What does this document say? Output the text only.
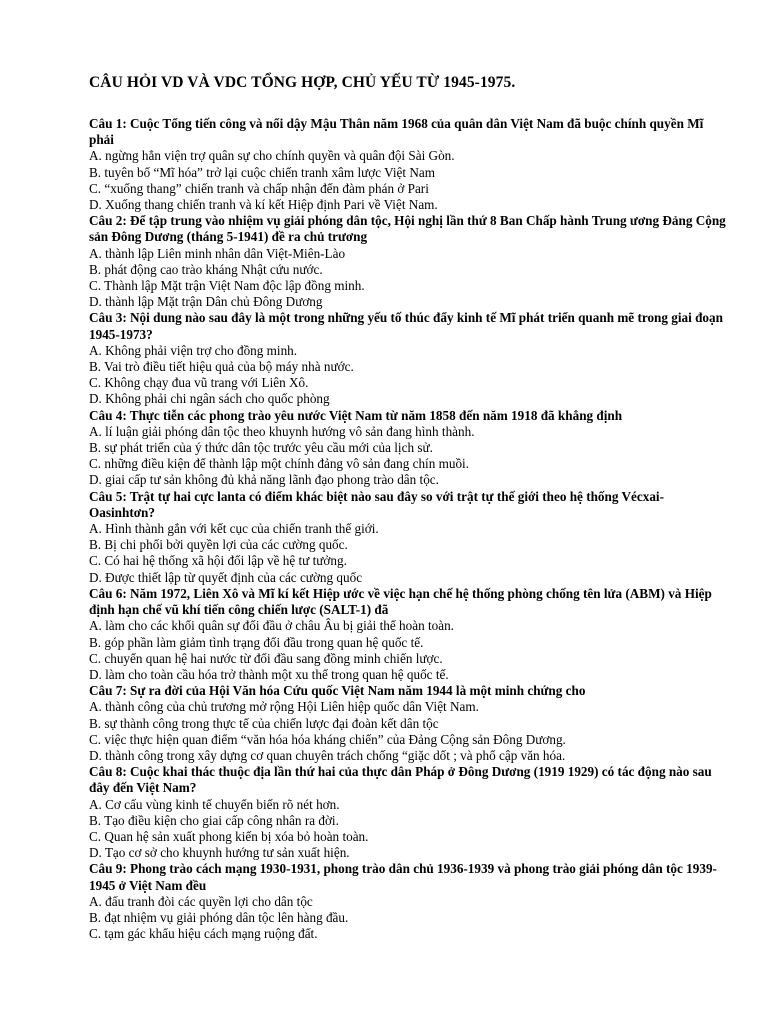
CÂU HỎI VD VÀ VDC TỔNG HỢP, CHỦ YẾU TỪ 1945-1975.

Câu 1: Cuộc Tổng tiến công và nổi dậy Mậu Thân năm 1968 của quân dân Việt Nam đã buộc chính quyền Mĩ phải

A. ngừng hẳn viện trợ quân sự cho chính quyền và quân đội Sài Gòn.

B. tuyên bố “Mĩ hóa” trở lại cuộc chiến tranh xâm lược Việt Nam

C. “xuống thang” chiến tranh và chấp nhận đến đàm phán ở Pari

D. Xuống thang chiến tranh và kí kết Hiệp định Pari về Việt Nam.

Câu 2: Để tập trung vào nhiệm vụ giải phóng dân tộc, Hội nghị lần thứ 8 Ban Chấp hành Trung ương Đảng Cộng sản Đông Dương (tháng 5-1941) đề ra chủ trương

A. thành lập Liên minh nhân dân Việt-Miên-Lào

B. phát động cao trào kháng Nhật cứu nước.

C. Thành lập Mặt trận Việt Nam độc lập đồng minh.

D. thành lập Mặt trận Dân chủ Đông Dương

Câu 3: Nội dung nào sau đây là một trong những yếu tố thúc đẩy kinh tế Mĩ phát triển quanh mẽ trong giai đoạn 1945-1973?

A. Không phải viện trợ cho đồng minh.

B. Vai trò điều tiết hiệu quả của bộ máy nhà nước.

C. Không chạy đua vũ trang với Liên Xô.

D. Không phải chi ngân sách cho quốc phòng

Câu 4: Thực tiễn các phong trào yêu nước Việt Nam từ năm 1858 đến năm 1918 đã khẳng định

A. lí luận giải phóng dân tộc theo khuynh hướng vô sản đang hình thành.

B. sự phát triển của ý thức dân tộc trước yêu cầu mới của lịch sử.

C. những điều kiện để thành lập một chính đảng vô sản đang chín muồi.

D. giai cấp tư sản không đủ khả năng lãnh đạo phong trào dân tộc.

Câu 5: Trật tự hai cực lanta có điểm khác biệt nào sau đây so với trật tự thế giới theo hệ thống Vécxai- Oasinhtơn?

A. Hình thành gắn với kết cục của chiến tranh thế giới.

B. Bị chi phối bởi quyền lợi của các cường quốc.

C. Có hai hệ thống xã hội đối lập về hệ tư tưởng.

D. Được thiết lập từ quyết định của các cường quốc

Câu 6: Năm 1972, Liên Xô và Mĩ kí kết Hiệp ước về việc hạn chế hệ thống phòng chống tên lửa (ABM) và Hiệp định hạn chế vũ khí tiến công chiến lược (SALT-1) đã

A. làm cho các khối quân sự đối đầu ở châu Âu bị giải thể hoàn toàn.

B. góp phần làm giảm tình trạng đối đầu trong quan hệ quốc tế.

C. chuyển quan hệ hai nước từ đối đầu sang đồng minh chiến lược.

D. làm cho toàn cầu hóa trở thành một xu thế trong quan hệ quốc tế.

Câu 7: Sự ra đời của Hội Văn hóa Cứu quốc Việt Nam năm 1944 là một minh chứng cho

A. thành công của chủ trương mở rộng Hội Liên hiệp quốc dân Việt Nam.

B. sự thành công trong thực tế của chiến lược đại đoàn kết dân tộc

C. việc thực hiện quan điểm “văn hóa hóa kháng chiến” của Đảng Cộng sản Đông Dương.

D. thành công trong xây dựng cơ quan chuyên trách chống “giặc dốt ; và phổ cập văn hóa.

Câu 8: Cuộc khai thác thuộc địa lần thứ hai của thực dân Pháp ở Đông Dương (1919 1929) có tác động nào sau đây đến Việt Nam?

A. Cơ cấu vùng kinh tế chuyển biến rõ nét hơn.

B. Tạo điều kiện cho giai cấp công nhân ra đời.

C. Quan hệ sản xuất phong kiến bị xóa bỏ hoàn toàn.

D. Tạo cơ sở cho khuynh hướng tư sản xuất hiện.

Câu 9: Phong trào cách mạng 1930-1931, phong trào dân chủ 1936-1939 và phong trào giải phóng dân tộc 1939-1945 ở Việt Nam đều

A. đấu tranh đòi các quyền lợi cho dân tộc

B. đạt nhiệm vụ giải phóng dân tộc lên hàng đầu.

C. tạm gác khẩu hiệu cách mạng ruộng đất.
